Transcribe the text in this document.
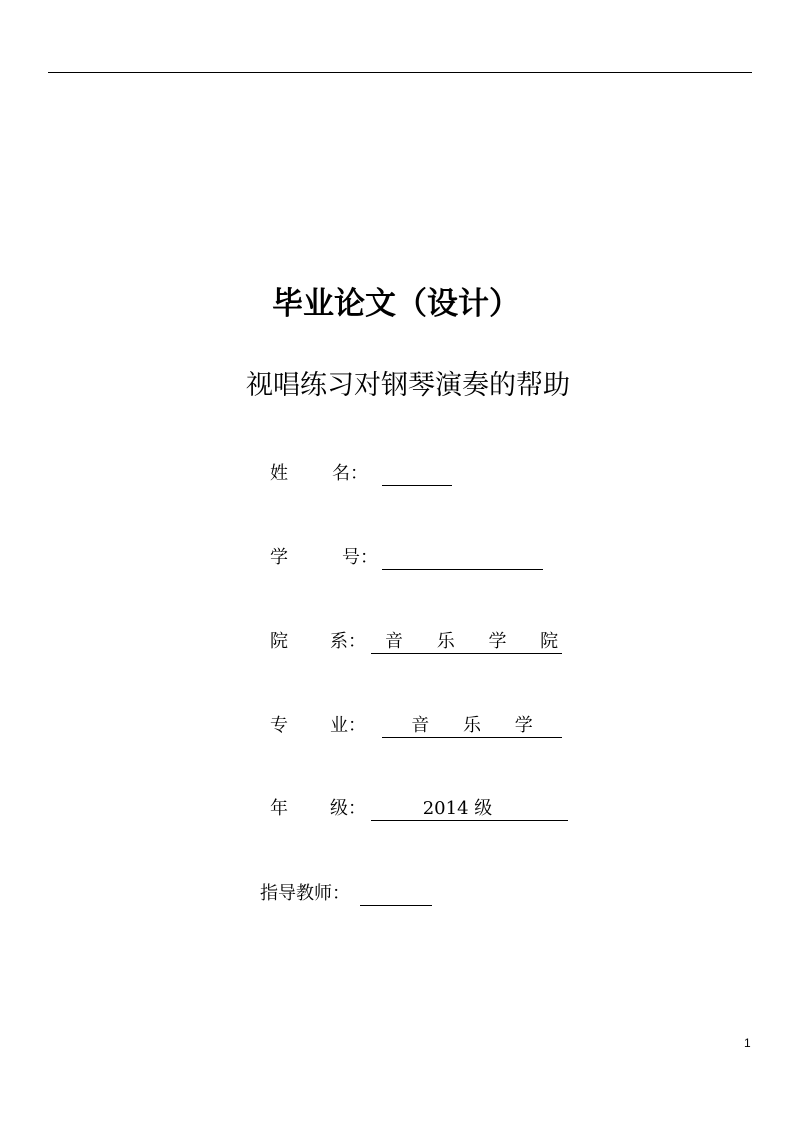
毕业论文（设计）
视唱练习对钢琴演奏的帮助
姓 名：
学	号：
院 系：	音 乐 学 院
专 业：	音 乐 学
年 级：	2014 级
指导教师：
1
